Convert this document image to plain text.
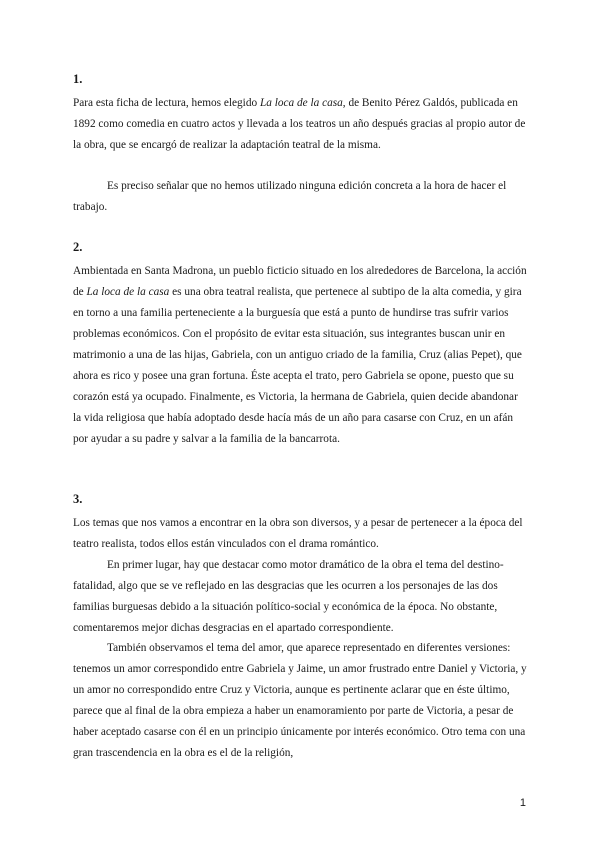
1.

Para esta ficha de lectura, hemos elegido La loca de la casa, de Benito Pérez Galdós, publicada en 1892 como comedia en cuatro actos y llevada a los teatros un año después gracias al propio autor de la obra, que se encargó de realizar la adaptación teatral de la misma.

Es preciso señalar que no hemos utilizado ninguna edición concreta a la hora de hacer el trabajo.

2.

Ambientada en Santa Madrona, un pueblo ficticio situado en los alrededores de Barcelona, la acción de La loca de la casa es una obra teatral realista, que pertenece al subtipo de la alta comedia, y gira en torno a una familia perteneciente a la burguesía que está a punto de hundirse tras sufrir varios problemas económicos. Con el propósito de evitar esta situación, sus integrantes buscan unir en matrimonio a una de las hijas, Gabriela, con un antiguo criado de la familia, Cruz (alias Pepet), que ahora es rico y posee una gran fortuna. Éste acepta el trato, pero Gabriela se opone, puesto que su corazón está ya ocupado. Finalmente, es Victoria, la hermana de Gabriela, quien decide abandonar la vida religiosa que había adoptado desde hacía más de un año para casarse con Cruz, en un afán por ayudar a su padre y salvar a la familia de la bancarrota.

3.

Los temas que nos vamos a encontrar en la obra son diversos, y a pesar de pertenecer a la época del teatro realista, todos ellos están vinculados con el drama romántico.

En primer lugar, hay que destacar como motor dramático de la obra el tema del destino-fatalidad, algo que se ve reflejado en las desgracias que les ocurren a los personajes de las dos familias burguesas debido a la situación político-social y económica de la época. No obstante, comentaremos mejor dichas desgracias en el apartado correspondiente.

También observamos el tema del amor, que aparece representado en diferentes versiones: tenemos un amor correspondido entre Gabriela y Jaime, un amor frustrado entre Daniel y Victoria, y un amor no correspondido entre Cruz y Victoria, aunque es pertinente aclarar que en éste último, parece que al final de la obra empieza a haber un enamoramiento por parte de Victoria, a pesar de haber aceptado casarse con él en un principio únicamente por interés económico. Otro tema con una gran trascendencia en la obra es el de la religión,

1
